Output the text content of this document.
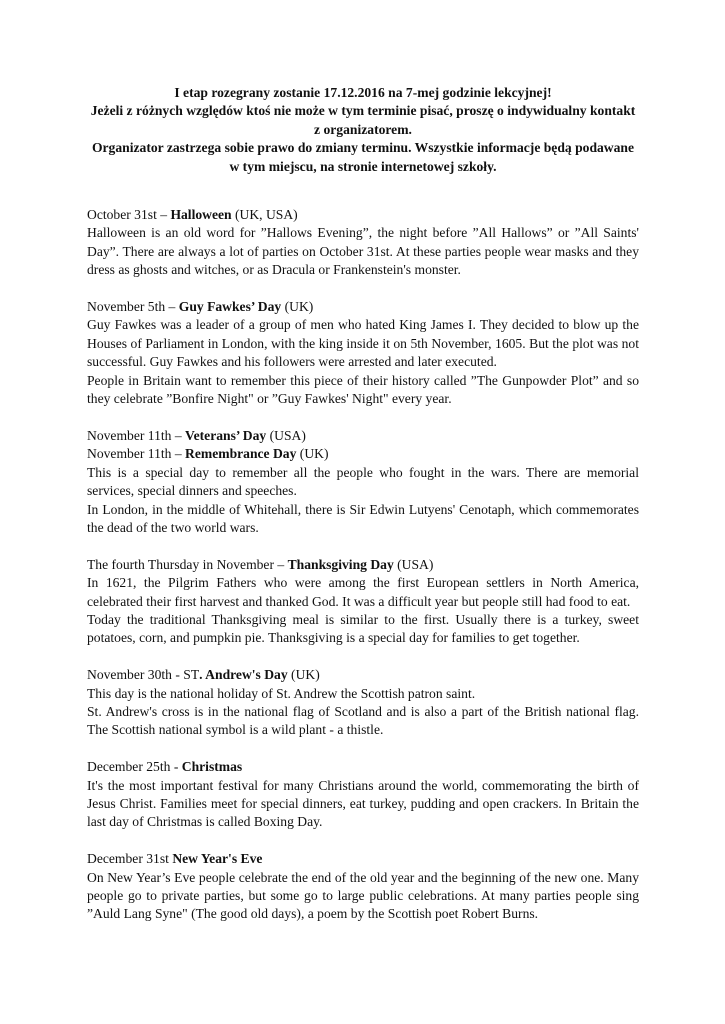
I etap rozegrany zostanie 17.12.2016 na 7-mej godzinie lekcyjnej!
Jeżeli z różnych względów ktoś nie może w tym terminie pisać, proszę o indywidualny kontakt z organizatorem.
Organizator zastrzega sobie prawo do zmiany terminu. Wszystkie informacje będą podawane w tym miejscu, na stronie internetowej szkoły.

October 31st – Halloween (UK, USA)

Halloween is an old word for ”Hallows Evening”, the night before ”All Hallows” or ”All Saints' Day”. There are always a lot of parties on October 31st. At these parties people wear masks and they dress as ghosts and witches, or as Dracula or Frankenstein's monster.

November 5th – Guy Fawkes’ Day (UK)

Guy Fawkes was a leader of a group of men who hated King James I. They decided to blow up the Houses of Parliament in London, with the king inside it on 5th November, 1605. But the plot was not successful. Guy Fawkes and his followers were arrested and later executed.

People in Britain want to remember this piece of their history called ”The Gunpowder Plot” and so they celebrate ”Bonfire Night" or ”Guy Fawkes' Night" every year.

November 11th – Veterans’ Day (USA)

November 11th – Remembrance Day (UK)

This is a special day to remember all the people who fought in the wars. There are memorial services, special dinners and speeches.

In London, in the middle of Whitehall, there is Sir Edwin Lutyens' Cenotaph, which commemorates the dead of the two world wars.

The fourth Thursday in November – Thanksgiving Day (USA)

In 1621, the Pilgrim Fathers who were among the first European settlers in North America, celebrated their first harvest and thanked God. It was a difficult year but people still had food to eat.

Today the traditional Thanksgiving meal is similar to the first. Usually there is a turkey, sweet potatoes, corn, and pumpkin pie. Thanksgiving is a special day for families to get together.

November 30th - ST. Andrew's Day (UK)

This day is the national holiday of St. Andrew the Scottish patron saint.

St. Andrew's cross is in the national flag of Scotland and is also a part of the British national flag. The Scottish national symbol is a wild plant - a thistle.

December 25th - Christmas

It's the most important festival for many Christians around the world, commemorating the birth of Jesus Christ. Families meet for special dinners, eat turkey, pudding and open crackers. In Britain the last day of Christmas is called Boxing Day.

December 31st New Year's Eve

On New Year’s Eve people celebrate the end of the old year and the beginning of the new one. Many people go to private parties, but some go to large public celebrations. At many parties people sing ”Auld Lang Syne" (The good old days), a poem by the Scottish poet Robert Burns.
